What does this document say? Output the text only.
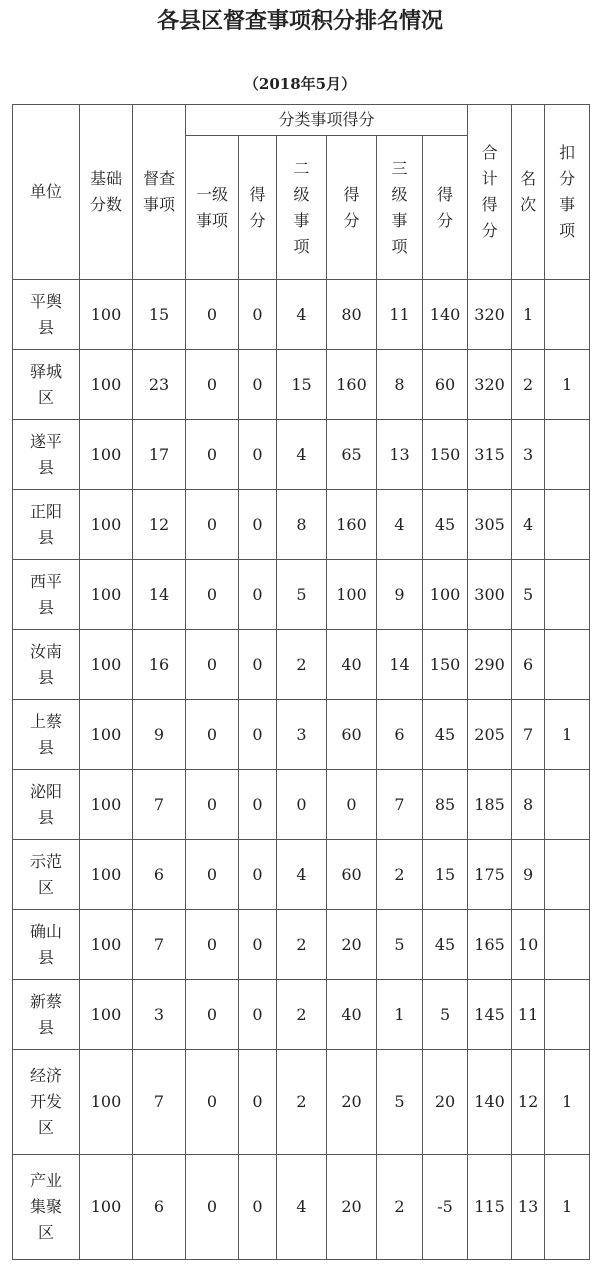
各县区督查事项积分排名情况
（2018年5月）
单位	基础分数	督查事项	分类事项得分						合计得分	名次	扣分事项
			一级事项	得分	二级事项	得分	三级事项	得分			
平舆县	100	15	0	0	4	80	11	140	320	1	
驿城区	100	23	0	0	15	160	8	60	320	2	1
遂平县	100	17	0	0	4	65	13	150	315	3	
正阳县	100	12	0	0	8	160	4	45	305	4	
西平县	100	14	0	0	5	100	9	100	300	5	
汝南县	100	16	0	0	2	40	14	150	290	6	
上蔡县	100	9	0	0	3	60	6	45	205	7	1
泌阳县	100	7	0	0	0	0	7	85	185	8	
示范区	100	6	0	0	4	60	2	15	175	9	
确山县	100	7	0	0	2	20	5	45	165	10	
新蔡县	100	3	0	0	2	40	1	5	145	11	
经济开发区	100	7	0	0	2	20	5	20	140	12	1
产业集聚区	100	6	0	0	4	20	2	-5	115	13	1
